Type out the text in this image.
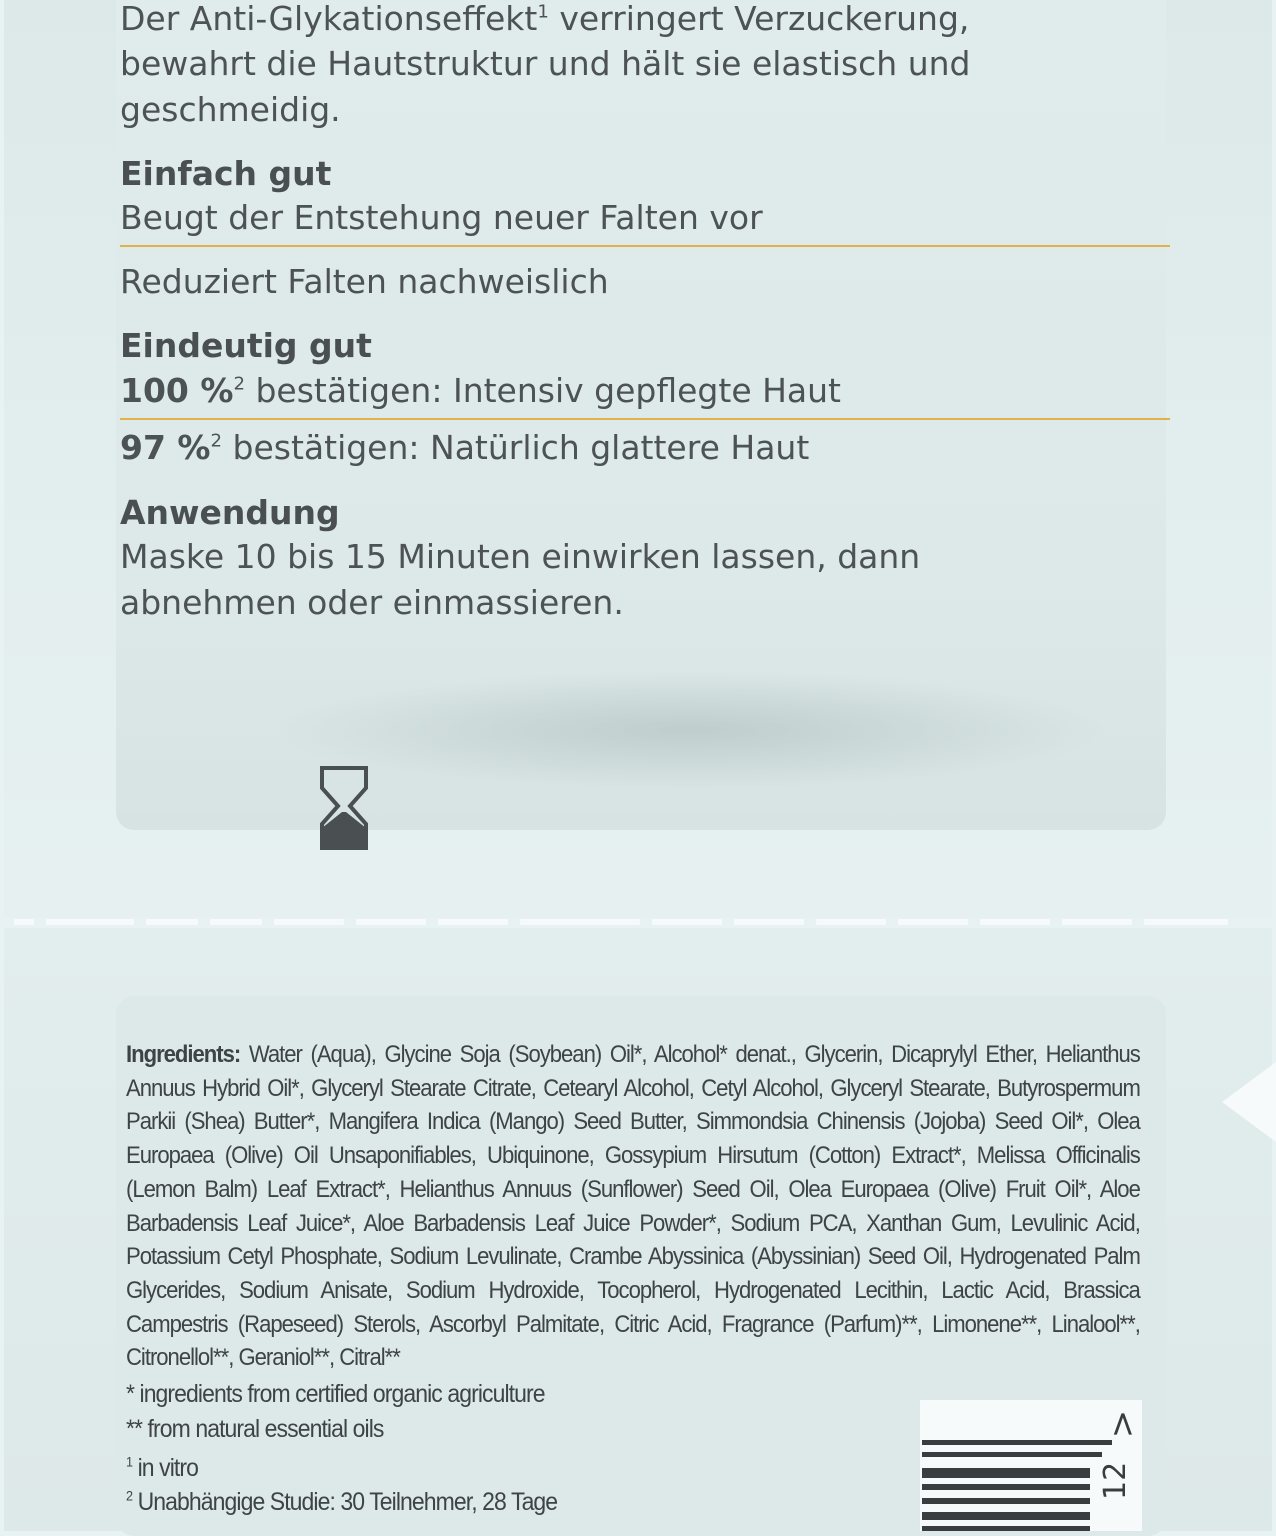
Der Anti-Glykationseffekt$^1$ verringert Verzuckerung,
bewahrt die Hautstruktur und hält sie elastisch und
geschmeidig.
Einfach gut
Beugt der Entstehung neuer Falten vor
Reduziert Falten nachweislich
Eindeutig gut
100 %$^2$ bestätigen: Intensiv gepflegte Haut
97 %$^2$ bestätigen: Natürlich glattere Haut
Anwendung
Maske 10 bis 15 Minuten einwirken lassen, dann
abnehmen oder einmassieren.
Ingredients: Water (Aqua), Glycine Soja (Soybean) Oil*, Alcohol* denat., Glycerin, Dicaprylyl Ether, Helianthus Annuus Hybrid Oil*, Glyceryl Stearate Citrate, Cetearyl Alcohol, Cetyl Alcohol, Glyceryl Stearate, Butyrospermum Parkii (Shea) Butter*, Mangifera Indica (Mango) Seed Butter, Simmondsia Chinensis (Jojoba) Seed Oil*, Olea Europaea (Olive) Oil Unsaponifiables, Ubiquinone, Gossypium Hirsutum (Cotton) Extract*, Melissa Officinalis (Lemon Balm) Leaf Extract*, Helianthus Annuus (Sunflower) Seed Oil, Olea Europaea (Olive) Fruit Oil*, Aloe Barbadensis Leaf Juice*, Aloe Barbadensis Leaf Juice Powder*, Sodium PCA, Xanthan Gum, Levulinic Acid, Potassium Cetyl Phosphate, Sodium Levulinate, Crambe Abyssinica (Abyssinian) Seed Oil, Hydrogenated Palm Glycerides, Sodium Anisate, Sodium Hydroxide, Tocopherol, Hydrogenated Lecithin, Lactic Acid, Brassica Campestris (Rapeseed) Sterols, Ascorbyl Palmitate, Citric Acid, Fragrance (Parfum)**, Limonene**, Linalool**, Citronellol**, Geraniol**, Citral**
* ingredients from certified organic agriculture
** from natural essential oils
$^1$ in vitro
$^2$ Unabhängige Studie: 30 Teilnehmer, 28 Tage
>
12
